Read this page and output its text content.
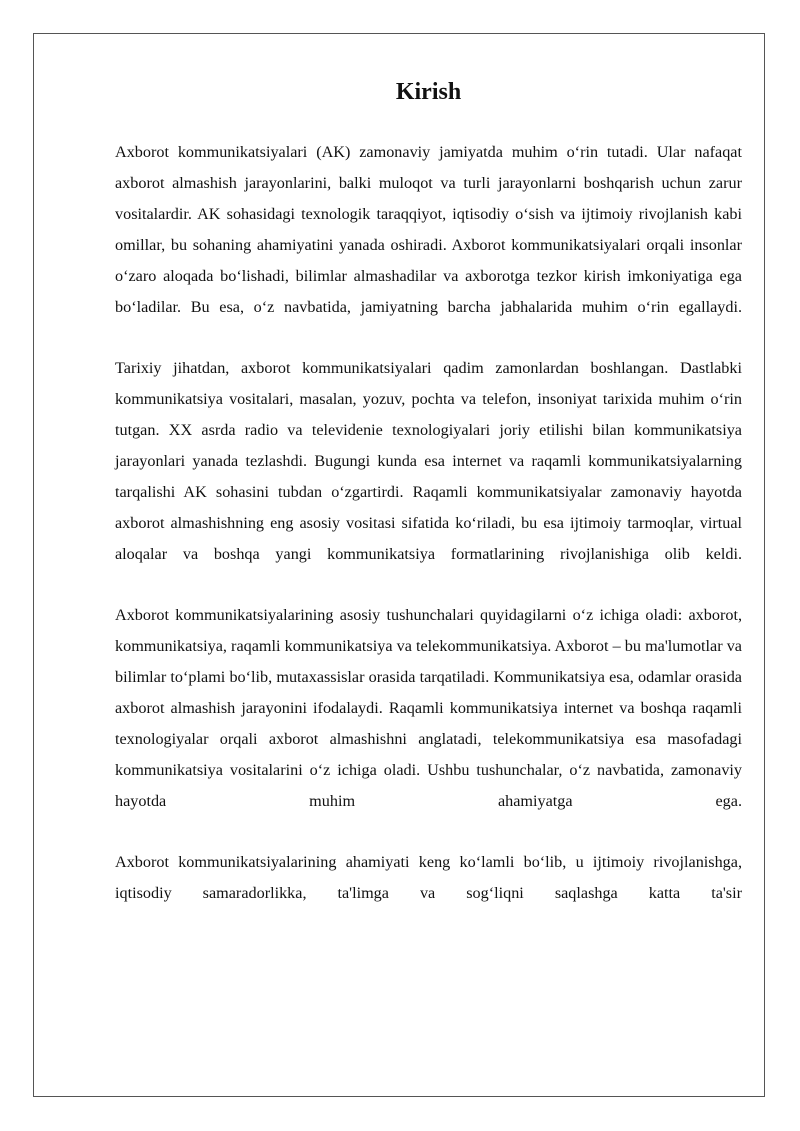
Kirish

Axborot kommunikatsiyalari (AK) zamonaviy jamiyatda muhim o‘rin tutadi. Ular nafaqat axborot almashish jarayonlarini, balki muloqot va turli jarayonlarni boshqarish uchun zarur vositalardir. AK sohasidagi texnologik taraqqiyot, iqtisodiy o‘sish va ijtimoiy rivojlanish kabi omillar, bu sohaning ahamiyatini yanada oshiradi. Axborot kommunikatsiyalari orqali insonlar o‘zaro aloqada bo‘lishadi, bilimlar almashadilar va axborotga tezkor kirish imkoniyatiga ega bo‘ladilar. Bu esa, o‘z navbatida, jamiyatning barcha jabhalarida muhim o‘rin egallaydi.

Tarixiy jihatdan, axborot kommunikatsiyalari qadim zamonlardan boshlangan. Dastlabki kommunikatsiya vositalari, masalan, yozuv, pochta va telefon, insoniyat tarixida muhim o‘rin tutgan. XX asrda radio va televidenie texnologiyalari joriy etilishi bilan kommunikatsiya jarayonlari yanada tezlashdi. Bugungi kunda esa internet va raqamli kommunikatsiyalarning tarqalishi AK sohasini tubdan o‘zgartirdi. Raqamli kommunikatsiyalar zamonaviy hayotda axborot almashishning eng asosiy vositasi sifatida ko‘riladi, bu esa ijtimoiy tarmoqlar, virtual aloqalar va boshqa yangi kommunikatsiya formatlarining rivojlanishiga olib keldi.

Axborot kommunikatsiyalarining asosiy tushunchalari quyidagilarni o‘z ichiga oladi: axborot, kommunikatsiya, raqamli kommunikatsiya va telekommunikatsiya. Axborot – bu ma'lumotlar va bilimlar to‘plami bo‘lib, mutaxassislar orasida tarqatiladi. Kommunikatsiya esa, odamlar orasida axborot almashish jarayonini ifodalaydi. Raqamli kommunikatsiya internet va boshqa raqamli texnologiyalar orqali axborot almashishni anglatadi, telekommunikatsiya esa masofadagi kommunikatsiya vositalarini o‘z ichiga oladi. Ushbu tushunchalar, o‘z navbatida, zamonaviy hayotda muhim ahamiyatga ega.

Axborot kommunikatsiyalarining ahamiyati keng ko‘lamli bo‘lib, u ijtimoiy rivojlanishga, iqtisodiy samaradorlikka, ta'limga va sog‘liqni saqlashga katta ta'sir
